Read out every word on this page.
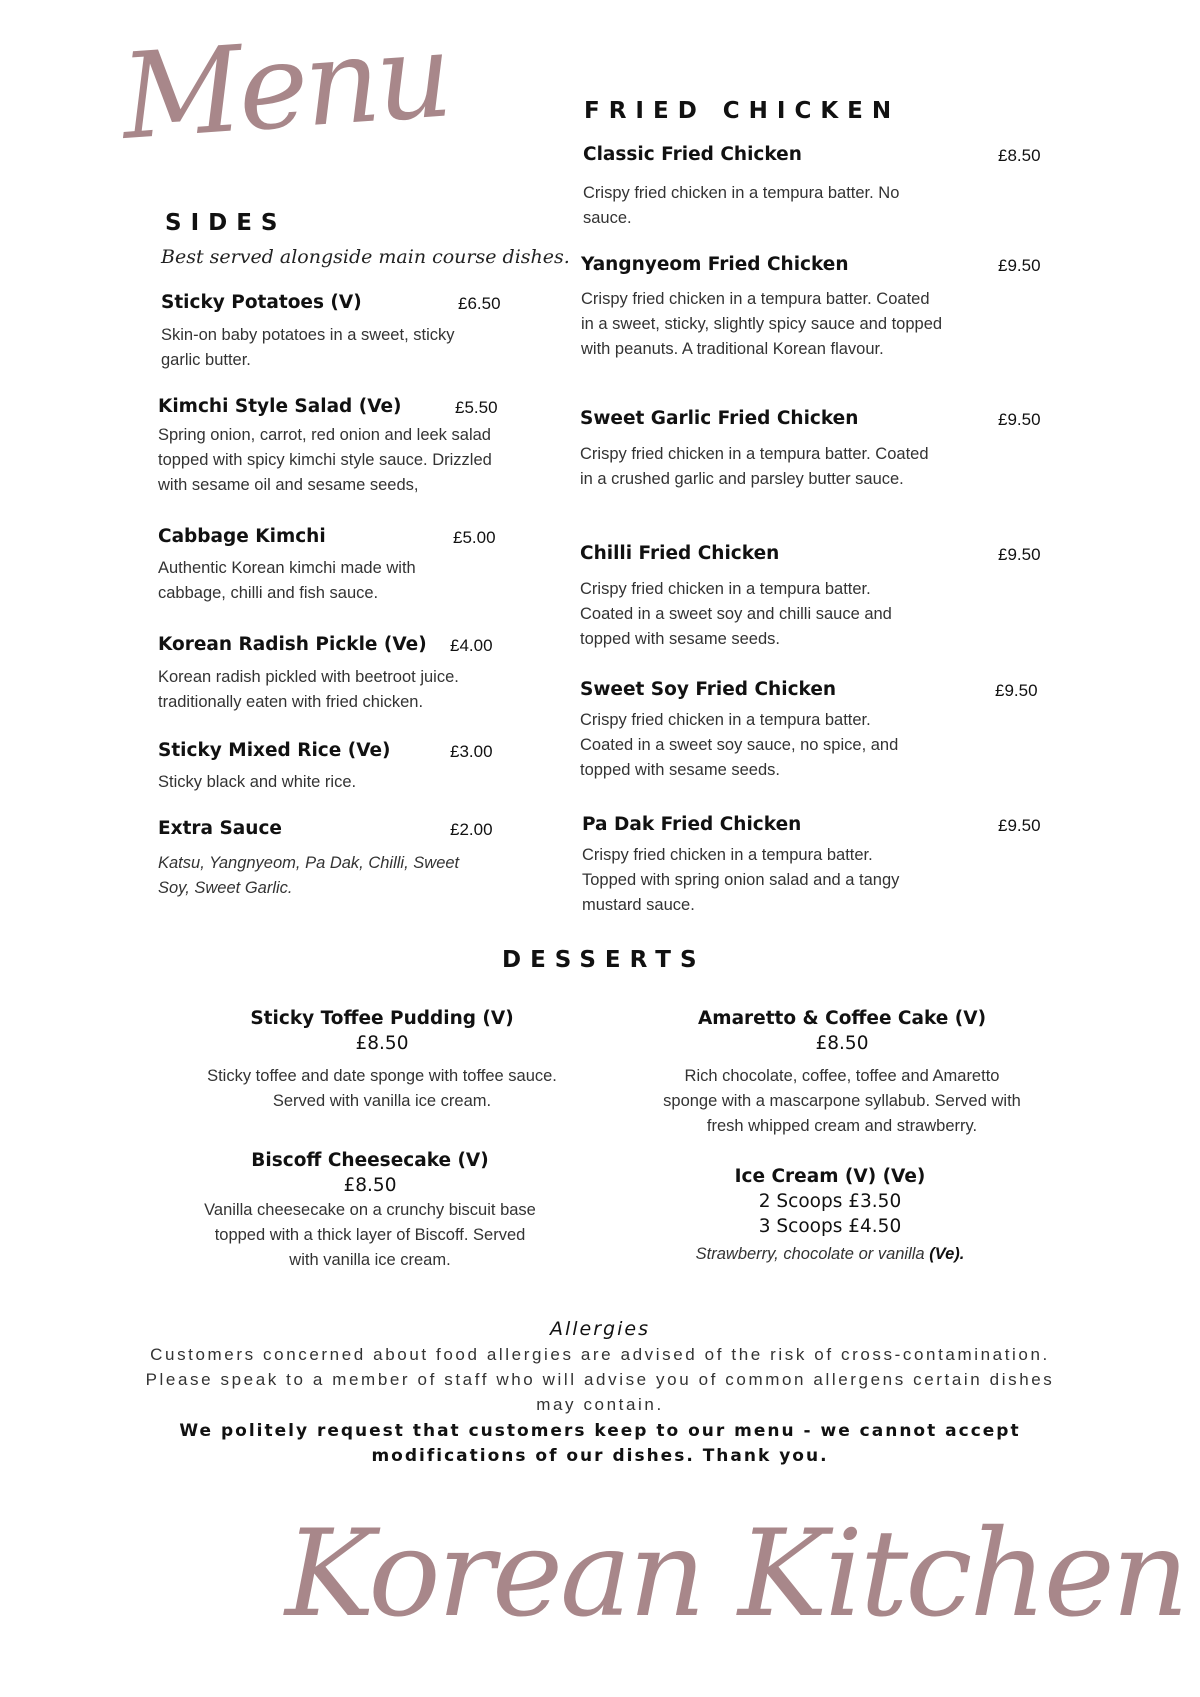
Menu
SIDES
Best served alongside main course dishes.
Sticky Potatoes (V)	£6.50
Skin-on baby potatoes in a sweet, sticky garlic butter.
Kimchi Style Salad (Ve)	£5.50
Spring onion, carrot, red onion and leek salad topped with spicy kimchi style sauce. Drizzled with sesame oil and sesame seeds,
Cabbage Kimchi	£5.00
Authentic Korean kimchi made with cabbage, chilli and fish sauce.
Korean Radish Pickle (Ve) £4.00
Korean radish pickled with beetroot juice. traditionally eaten with fried chicken.
Sticky Mixed Rice (Ve)	£3.00
Sticky black and white rice.
Extra Sauce	£2.00
Katsu, Yangnyeom, Pa Dak, Chilli, Sweet Soy, Sweet Garlic.
FRIED CHICKEN
Classic Fried Chicken	£8.50
Crispy fried chicken in a tempura batter. No sauce.
Yangnyeom Fried Chicken	£9.50
Crispy fried chicken in a tempura batter. Coated in a sweet, sticky, slightly spicy sauce and topped with peanuts. A traditional Korean flavour.
Sweet Garlic Fried Chicken	£9.50
Crispy fried chicken in a tempura batter. Coated in a crushed garlic and parsley butter sauce.
Chilli Fried Chicken	£9.50
Crispy fried chicken in a tempura batter. Coated in a sweet soy and chilli sauce and topped with sesame seeds.
Sweet Soy Fried Chicken	£9.50
Crispy fried chicken in a tempura batter. Coated in a sweet soy sauce, no spice, and topped with sesame seeds.
Pa Dak Fried Chicken	£9.50
Crispy fried chicken in a tempura batter. Topped with spring onion salad and a tangy mustard sauce.
DESSERTS
Sticky Toffee Pudding (V)
£8.50
Sticky toffee and date sponge with toffee sauce. Served with vanilla ice cream.
Amaretto & Coffee Cake (V)
£8.50
Rich chocolate, coffee, toffee and Amaretto sponge with a mascarpone syllabub. Served with fresh whipped cream and strawberry.
Biscoff Cheesecake (V)
£8.50
Vanilla cheesecake on a crunchy biscuit base topped with a thick layer of Biscoff. Served with vanilla ice cream.
Ice Cream (V) (Ve)
2 Scoops £3.50
3 Scoops £4.50
Strawberry, chocolate or vanilla (Ve).
Allergies
Customers concerned about food allergies are advised of the risk of cross-contamination. Please speak to a member of staff who will advise you of common allergens certain dishes may contain.
We politely request that customers keep to our menu - we cannot accept modifications of our dishes. Thank you.
Korean Kitchen
